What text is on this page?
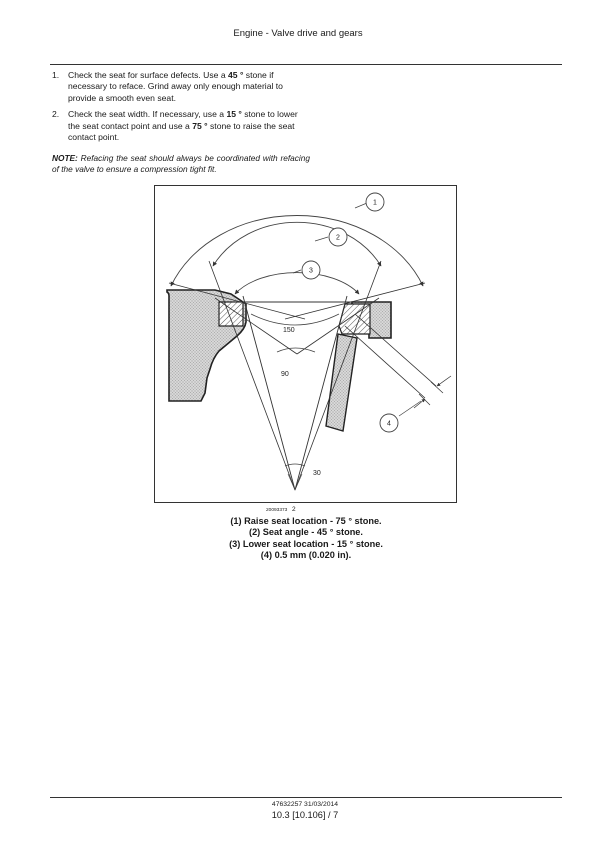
Engine - Valve drive and gears
1. Check the seat for surface defects. Use a 45 ° stone if necessary to reface. Grind away only enough material to provide a smooth even seat.
2. Check the seat width. If necessary, use a 15 ° stone to lower the seat contact point and use a 75 ° stone to raise the seat contact point.
NOTE: Refacing the seat should always be coordinated with refacing of the valve to ensure a compression tight fit.
1
2
3
4
150
90
30
20093373 2
(1) Raise seat location - 75 ° stone.
(2) Seat angle - 45 ° stone.
(3) Lower seat location - 15 ° stone.
(4) 0.5 mm (0.020 in).
47632257 31/03/2014
10.3 [10.106] / 7
